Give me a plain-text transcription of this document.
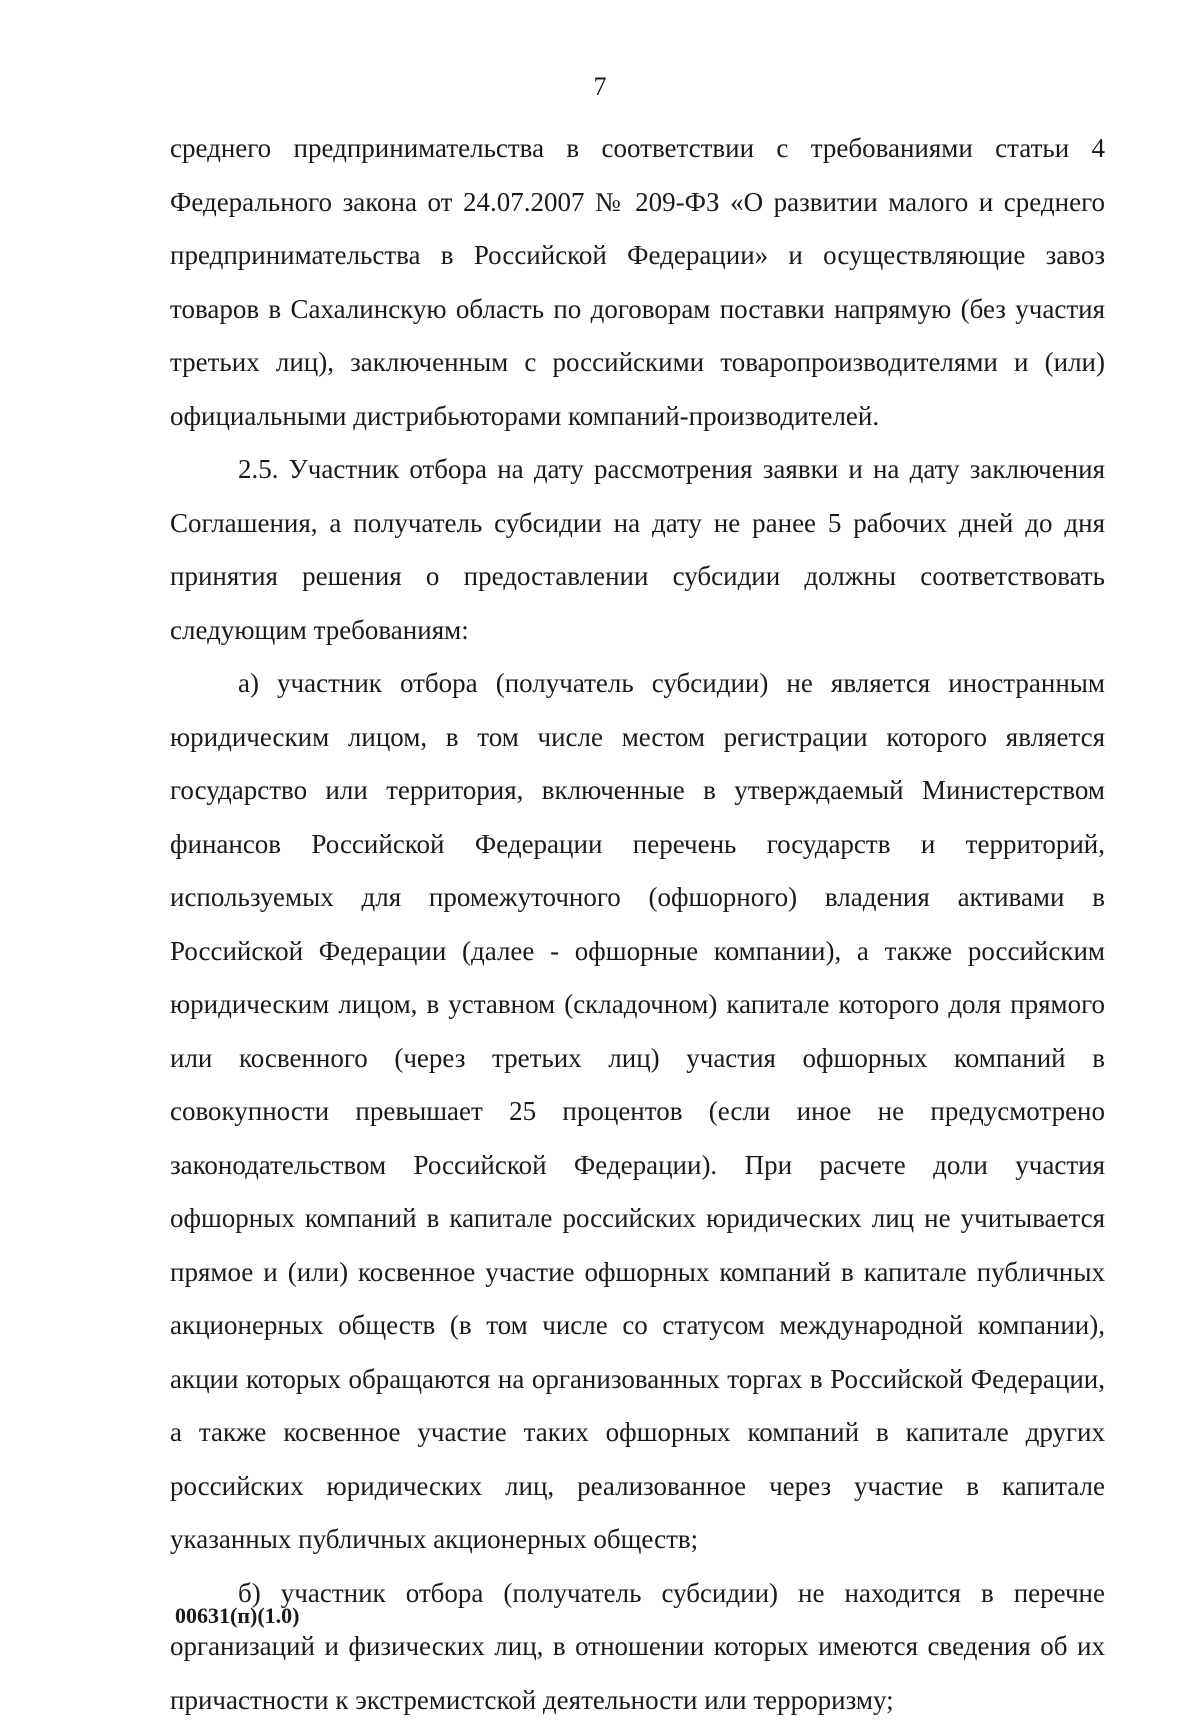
7

среднего предпринимательства в соответствии с требованиями статьи 4 Федерального закона от 24.07.2007 № 209-ФЗ «О развитии малого и среднего предпринимательства в Российской Федерации» и осуществляющие завоз товаров в Сахалинскую область по договорам поставки напрямую (без участия третьих лиц), заключенным с российскими товаропроизводителями и (или) официальными дистрибьюторами компаний-производителей.

2.5. Участник отбора на дату рассмотрения заявки и на дату заключения Соглашения, а получатель субсидии на дату не ранее 5 рабочих дней до дня принятия решения о предоставлении субсидии должны соответствовать следующим требованиям:

а) участник отбора (получатель субсидии) не является иностранным юридическим лицом, в том числе местом регистрации которого является государство или территория, включенные в утверждаемый Министерством финансов Российской Федерации перечень государств и территорий, используемых для промежуточного (офшорного) владения активами в Российской Федерации (далее - офшорные компании), а также российским юридическим лицом, в уставном (складочном) капитале которого доля прямого или косвенного (через третьих лиц) участия офшорных компаний в совокупности превышает 25 процентов (если иное не предусмотрено законодательством Российской Федерации). При расчете доли участия офшорных компаний в капитале российских юридических лиц не учитывается прямое и (или) косвенное участие офшорных компаний в капитале публичных акционерных обществ (в том числе со статусом международной компании), акции которых обращаются на организованных торгах в Российской Федерации, а также косвенное участие таких офшорных компаний в капитале других российских юридических лиц, реализованное через участие в капитале указанных публичных акционерных обществ;

б) участник отбора (получатель субсидии) не находится в перечне организаций и физических лиц, в отношении которых имеются сведения об их причастности к экстремистской деятельности или терроризму;

00631(п)(1.0)
